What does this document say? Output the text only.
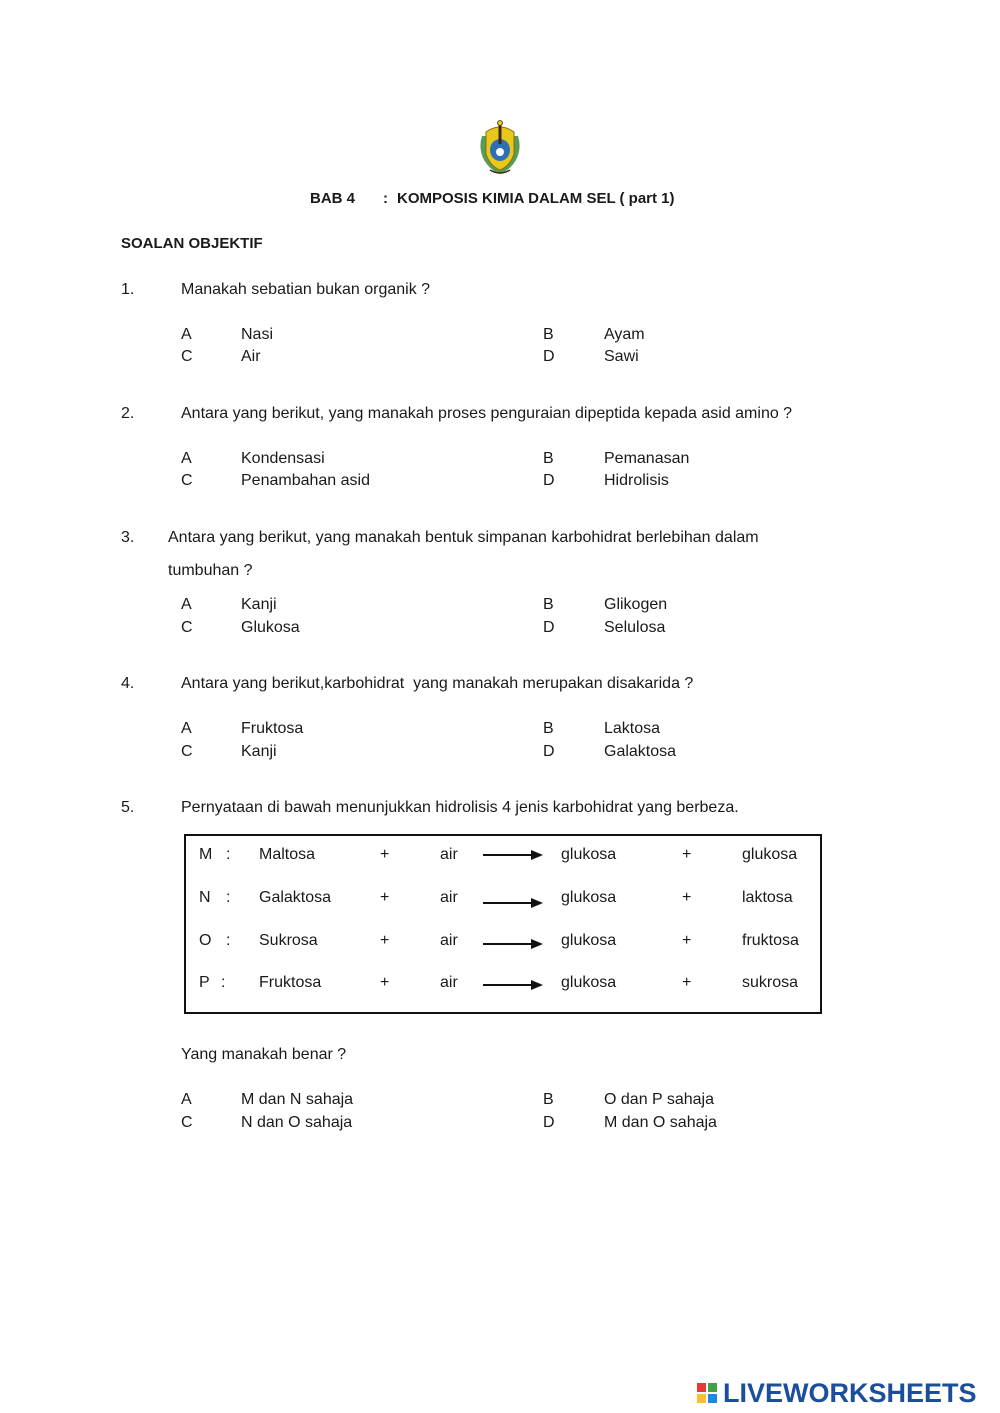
BAB 4 : KOMPOSIS KIMIA DALAM SEL ( part 1)
SOALAN OBJEKTIF
1.	Manakah sebatian bukan organik ?
A	Nasi	B	Ayam
C	Air	D	Sawi
2.	Antara yang berikut, yang manakah proses penguraian dipeptida kepada asid amino ?
A	Kondensasi	B	Pemanasan
C	Penambahan asid	D	Hidrolisis
3. Antara yang berikut, yang manakah bentuk simpanan karbohidrat berlebihan dalam
tumbuhan ?
A	Kanji	B	Glikogen
C	Glukosa	D	Selulosa
4.	Antara yang berikut,karbohidrat  yang manakah merupakan disakarida ?
A	Fruktosa	B	Laktosa
C	Kanji	D	Galaktosa
5.	Pernyataan di bawah menunjukkan hidrolisis 4 jenis karbohidrat yang berbeza.
M : Maltosa	+	air	glukosa	+	glukosa
N : Galaktosa	+	air	glukosa	+	laktosa
O : Sukrosa	+	air	glukosa	+	fruktosa
P : Fruktosa	+	air	glukosa	+	sukrosa
Yang manakah benar ?
A	M dan N sahaja	B	O dan P sahaja
C	N dan O sahaja	D	M dan O sahaja
LIVEWORKSHEETS
